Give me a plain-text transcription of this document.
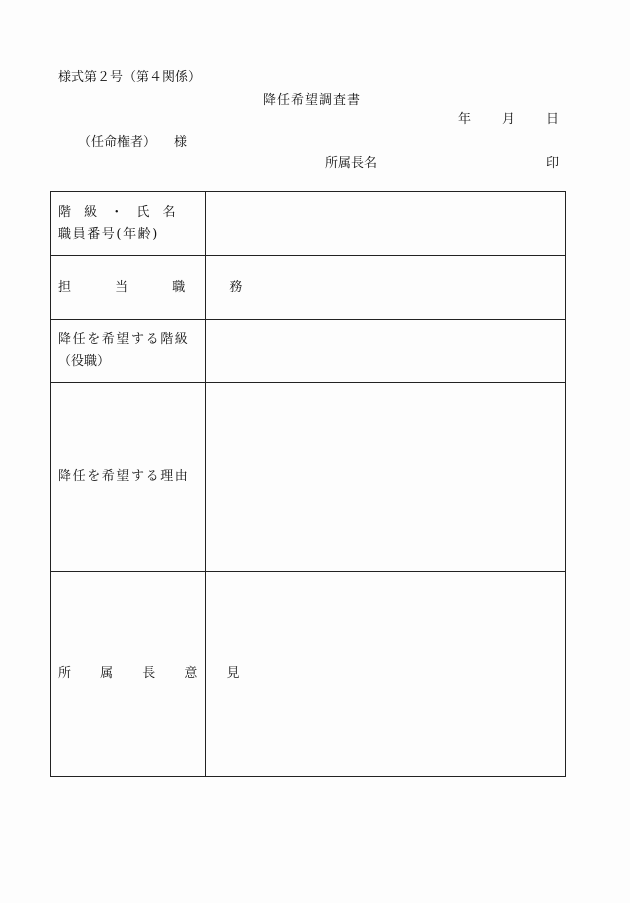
様式第２号（第４関係）
降任希望調査書
年 月 日
（任命権者） 様
所属長名	印
階 級 ・ 氏 名
職員番号(年齢)	

担 当 職 務	

降任を希望する階級
（役職）	

降任を希望する理由	

所 属 長 意 見	
